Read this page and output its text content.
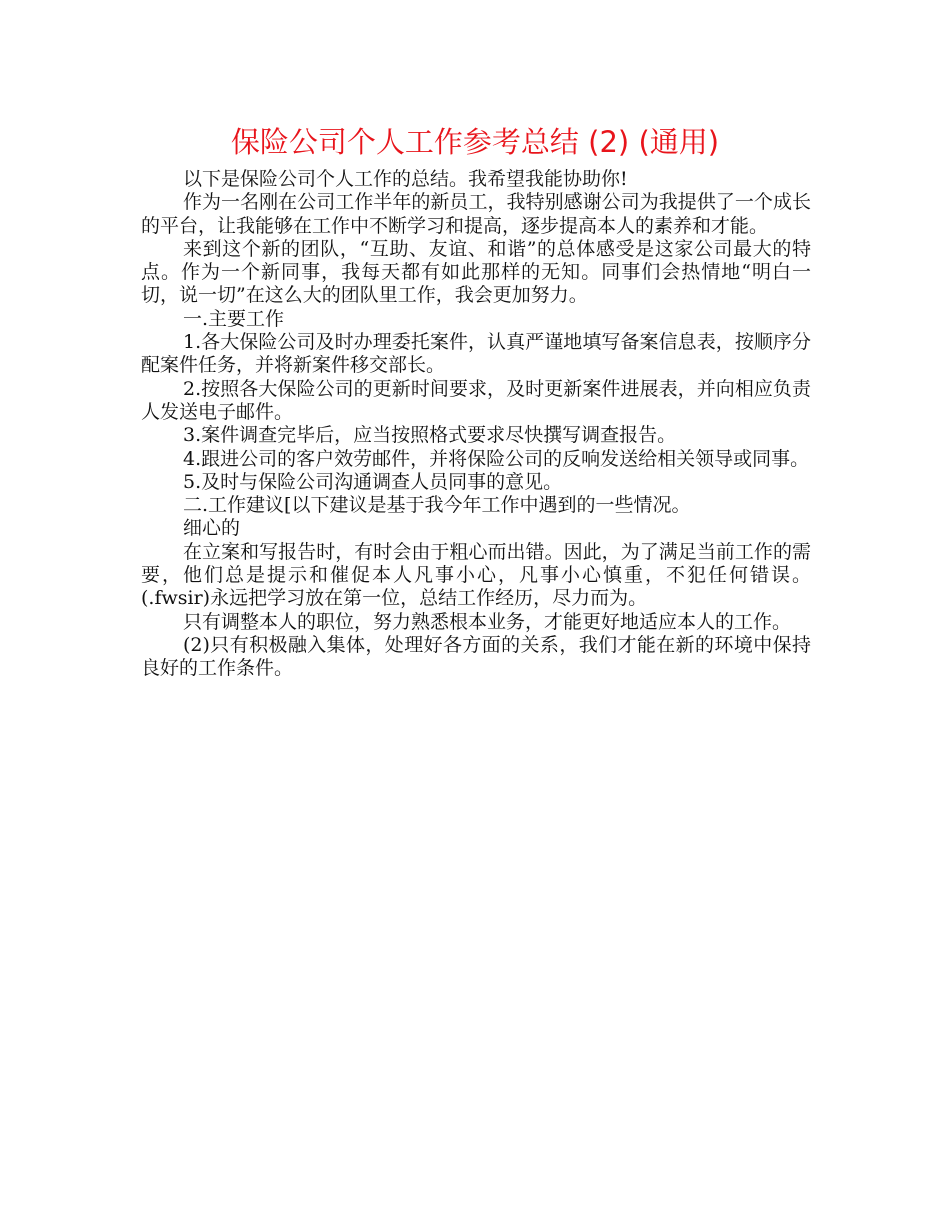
保险公司个人工作参考总结 (2) (通用)

以下是保险公司个人工作的总结。我希望我能协助你!

作为一名刚在公司工作半年的新员工，我特别感谢公司为我提供了一个成长的平台，让我能够在工作中不断学习和提高，逐步提高本人的素养和才能。

来到这个新的团队，“互助、友谊、和谐”的总体感受是这家公司最大的特点。作为一个新同事，我每天都有如此那样的无知。同事们会热情地“明白一切，说一切”在这么大的团队里工作，我会更加努力。

一.主要工作

1.各大保险公司及时办理委托案件，认真严谨地填写备案信息表，按顺序分配案件任务，并将新案件移交部长。

2.按照各大保险公司的更新时间要求，及时更新案件进展表，并向相应负责人发送电子邮件。

3.案件调查完毕后，应当按照格式要求尽快撰写调查报告。

4.跟进公司的客户效劳邮件，并将保险公司的反响发送给相关领导或同事。

5.及时与保险公司沟通调查人员同事的意见。

二.工作建议[以下建议是基于我今年工作中遇到的一些情况。

细心的

在立案和写报告时，有时会由于粗心而出错。因此，为了满足当前工作的需要，他们总是提示和催促本人凡事小心，凡事小心慎重，不犯任何错误。(.fwsir)永远把学习放在第一位，总结工作经历，尽力而为。

只有调整本人的职位，努力熟悉根本业务，才能更好地适应本人的工作。

(2)只有积极融入集体，处理好各方面的关系，我们才能在新的环境中保持良好的工作条件。
